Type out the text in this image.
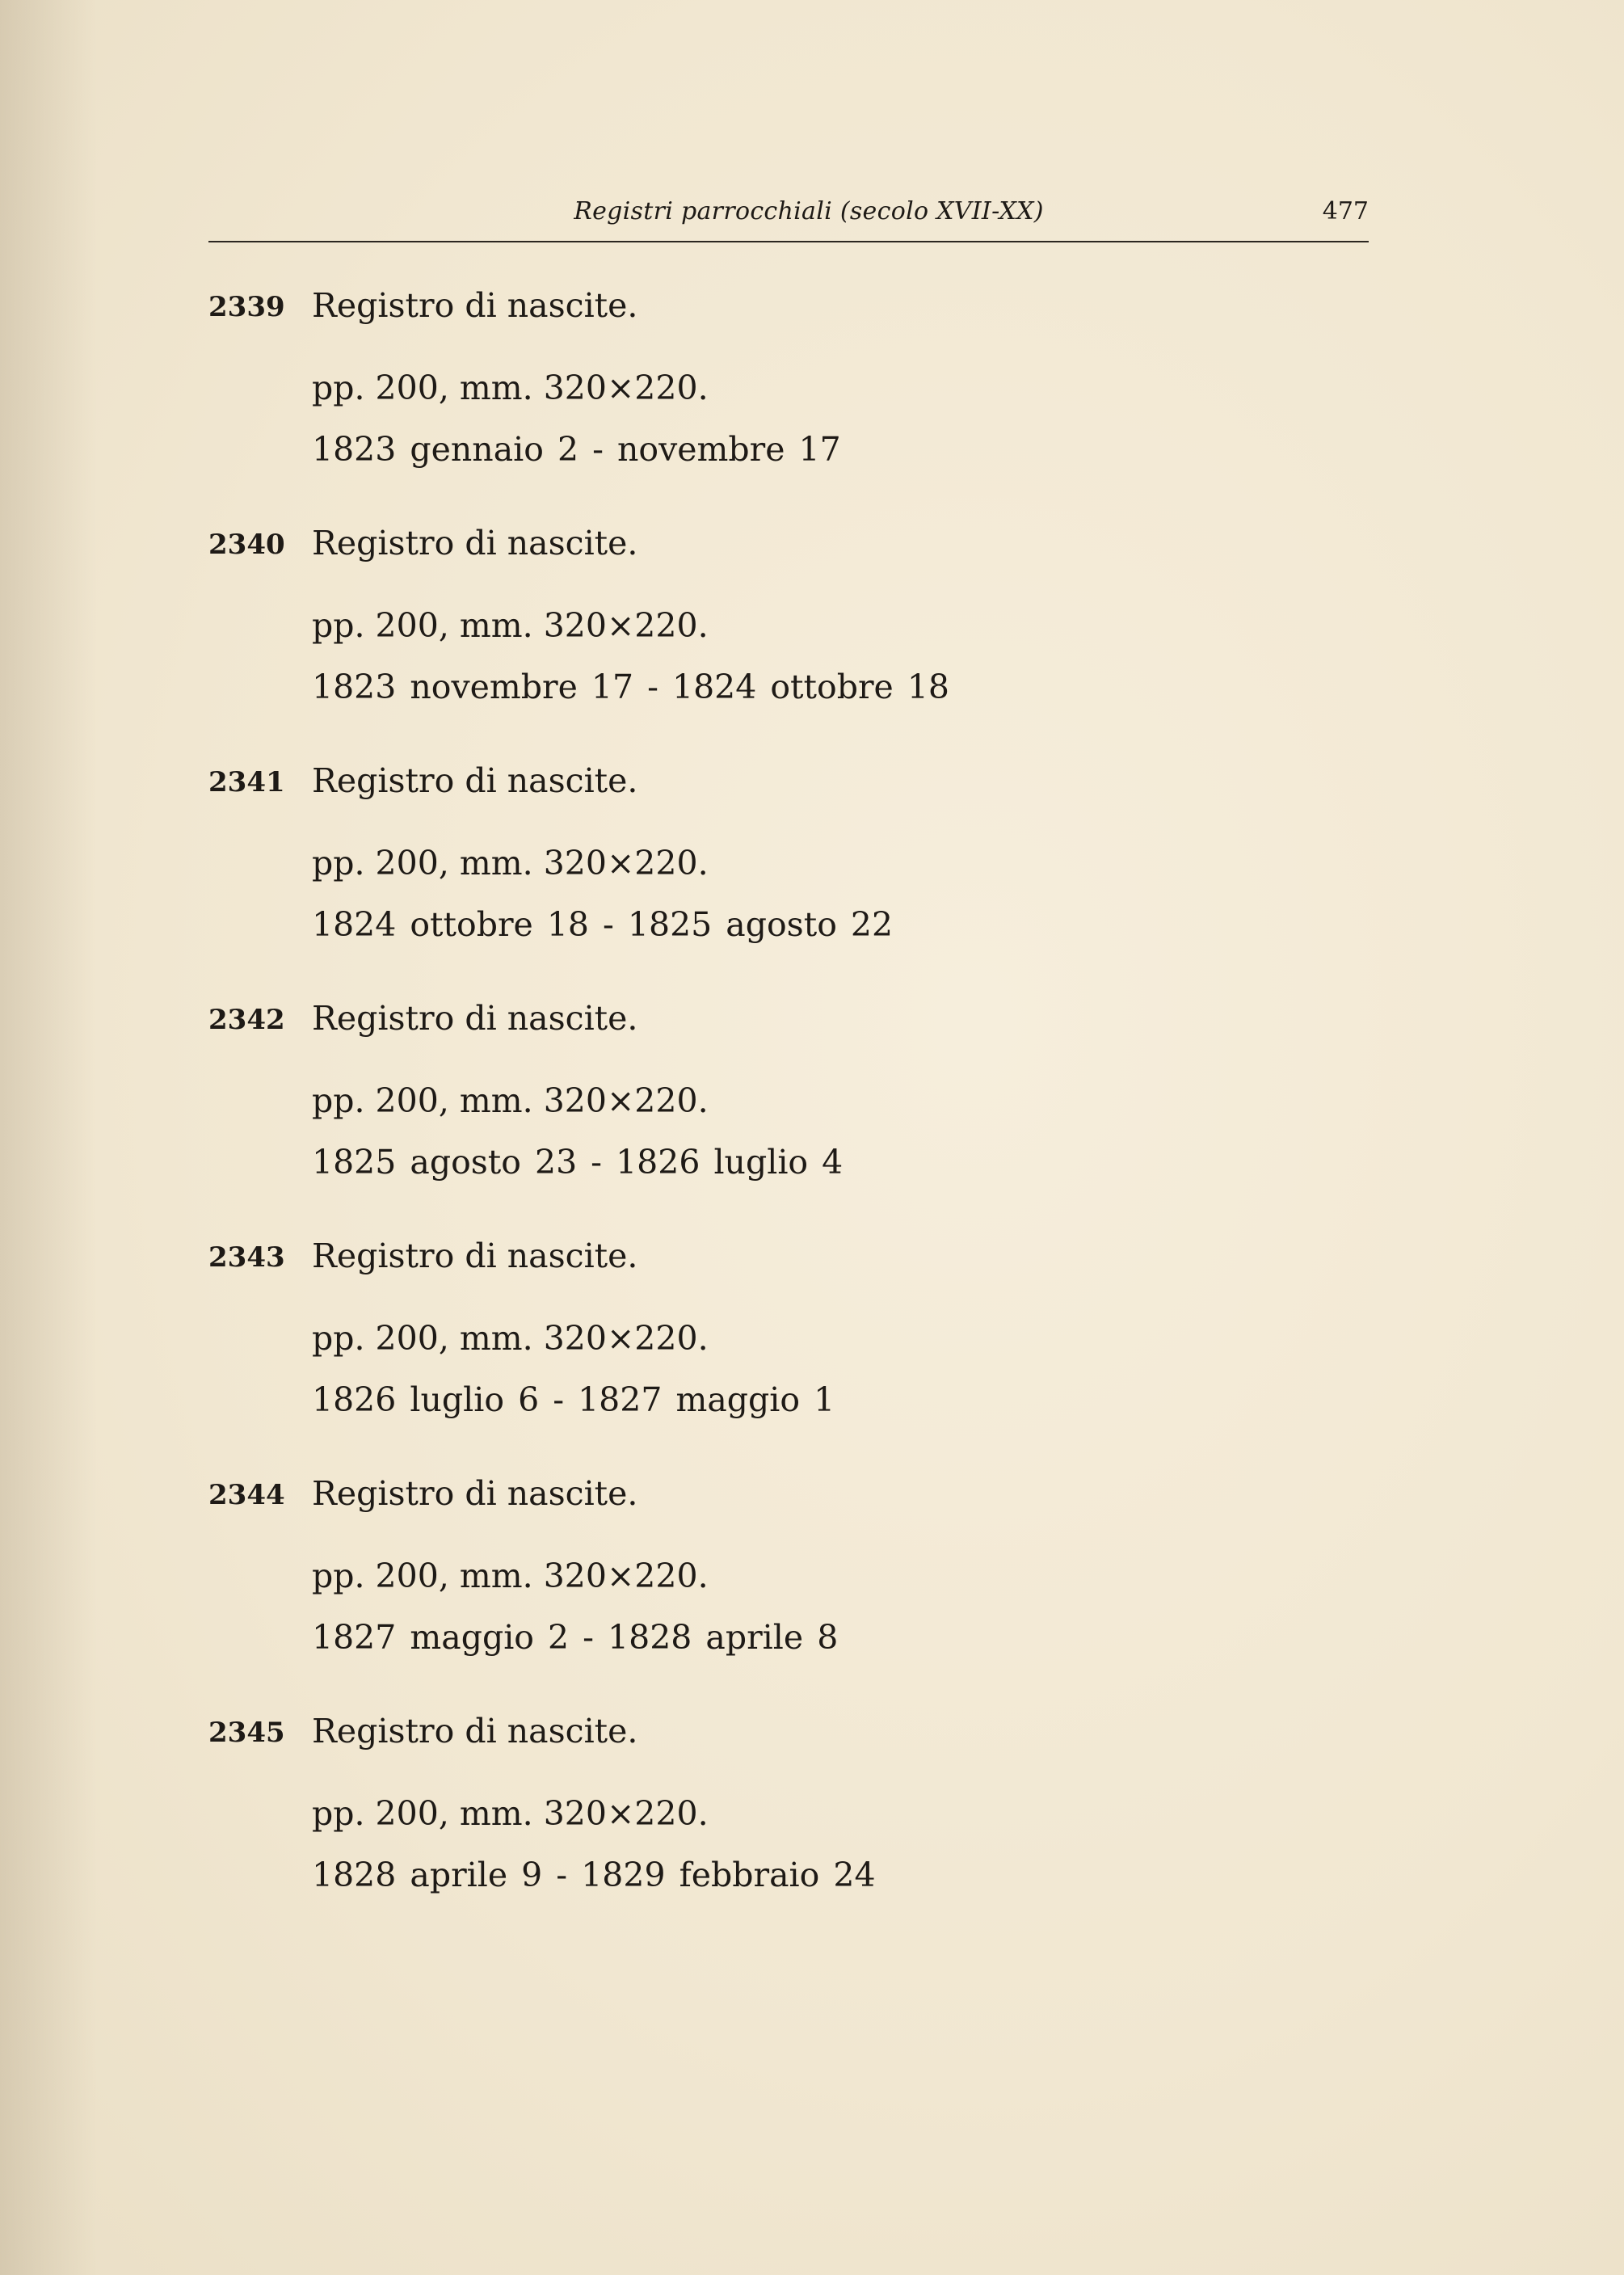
Registri parrocchiali (secolo XVII-XX)	477
2339 Registro di nascite.
pp. 200, mm. 320×220.
1823 gennaio 2 - novembre 17
2340 Registro di nascite.
pp. 200, mm. 320×220.
1823 novembre 17 - 1824 ottobre 18
2341 Registro di nascite.
pp. 200, mm. 320×220.
1824 ottobre 18 - 1825 agosto 22
2342 Registro di nascite.
pp. 200, mm. 320×220.
1825 agosto 23 - 1826 luglio 4
2343 Registro di nascite.
pp. 200, mm. 320×220.
1826 luglio 6 - 1827 maggio 1
2344 Registro di nascite.
pp. 200, mm. 320×220.
1827 maggio 2 - 1828 aprile 8
2345 Registro di nascite.
pp. 200, mm. 320×220.
1828 aprile 9 - 1829 febbraio 24
